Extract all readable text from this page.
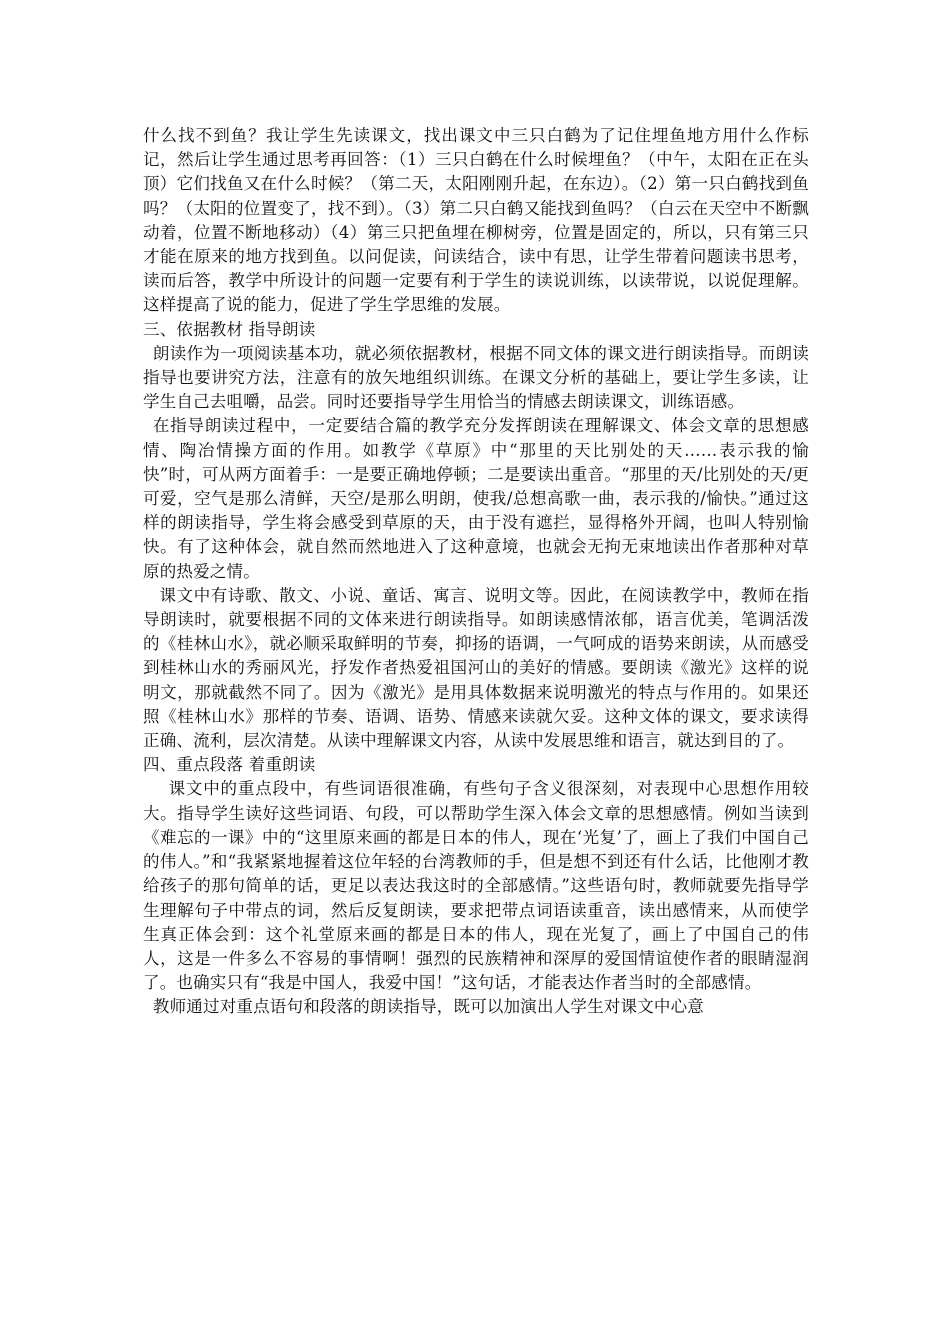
什么找不到鱼？我让学生先读课文，找出课文中三只白鹤为了记住埋鱼地方用什么作标记，然后让学生通过思考再回答：（1）三只白鹤在什么时候埋鱼？（中午，太阳在正在头顶）它们找鱼又在什么时候？（第二天，太阳刚刚升起，在东边）。（2）第一只白鹤找到鱼吗？（太阳的位置变了，找不到）。（3）第二只白鹤又能找到鱼吗？（白云在天空中不断飘动着，位置不断地移动）（4）第三只把鱼埋在柳树旁，位置是固定的，所以，只有第三只才能在原来的地方找到鱼。以问促读，问读结合，读中有思，让学生带着问题读书思考，读而后答，教学中所设计的问题一定要有利于学生的读说训练，以读带说，以说促理解。这样提高了说的能力，促进了学生学思维的发展。

三、依据教材 指导朗读

朗读作为一项阅读基本功，就必须依据教材，根据不同文体的课文进行朗读指导。而朗读指导也要讲究方法，注意有的放矢地组织训练。在课文分析的基础上，要让学生多读，让学生自己去咀嚼，品尝。同时还要指导学生用恰当的情感去朗读课文，训练语感。

在指导朗读过程中，一定要结合篇的教学充分发挥朗读在理解课文、体会文章的思想感情、陶冶情操方面的作用。如教学《草原》中“那里的天比别处的天……表示我的愉快”时，可从两方面着手：一是要正确地停顿；二是要读出重音。“那里的天/比别处的天/更可爱，空气是那么清鲜，天空/是那么明朗，使我/总想高歌一曲，表示我的/愉快。”通过这样的朗读指导，学生将会感受到草原的天，由于没有遮拦，显得格外开阔，也叫人特别愉快。有了这种体会，就自然而然地进入了这种意境，也就会无拘无束地读出作者那种对草原的热爱之情。

课文中有诗歌、散文、小说、童话、寓言、说明文等。因此，在阅读教学中，教师在指导朗读时，就要根据不同的文体来进行朗读指导。如朗读感情浓郁，语言优美，笔调活泼的《桂林山水》，就必顺采取鲜明的节奏，抑扬的语调，一气呵成的语势来朗读，从而感受到桂林山水的秀丽风光，抒发作者热爱祖国河山的美好的情感。要朗读《激光》这样的说明文，那就截然不同了。因为《激光》是用具体数据来说明激光的特点与作用的。如果还照《桂林山水》那样的节奏、语调、语势、情感来读就欠妥。这种文体的课文，要求读得正确、流利，层次清楚。从读中理解课文内容，从读中发展思维和语言，就达到目的了。

四、重点段落 着重朗读

课文中的重点段中，有些词语很准确，有些句子含义很深刻，对表现中心思想作用较大。指导学生读好这些词语、句段，可以帮助学生深入体会文章的思想感情。例如当读到《难忘的一课》中的“这里原来画的都是日本的伟人，现在‘光复’了，画上了我们中国自己的伟人。”和“我紧紧地握着这位年轻的台湾教师的手，但是想不到还有什么话，比他刚才教给孩子的那句简单的话，更足以表达我这时的全部感情。”这些语句时，教师就要先指导学生理解句子中带点的词，然后反复朗读，要求把带点词语读重音，读出感情来，从而使学生真正体会到：这个礼堂原来画的都是日本的伟人，现在光复了，画上了中国自己的伟人，这是一件多么不容易的事情啊！强烈的民族精神和深厚的爱国情谊使作者的眼睛湿润了。也确实只有“我是中国人，我爱中国！”这句话，才能表达作者当时的全部感情。

教师通过对重点语句和段落的朗读指导，既可以加演出人学生对课文中心意
